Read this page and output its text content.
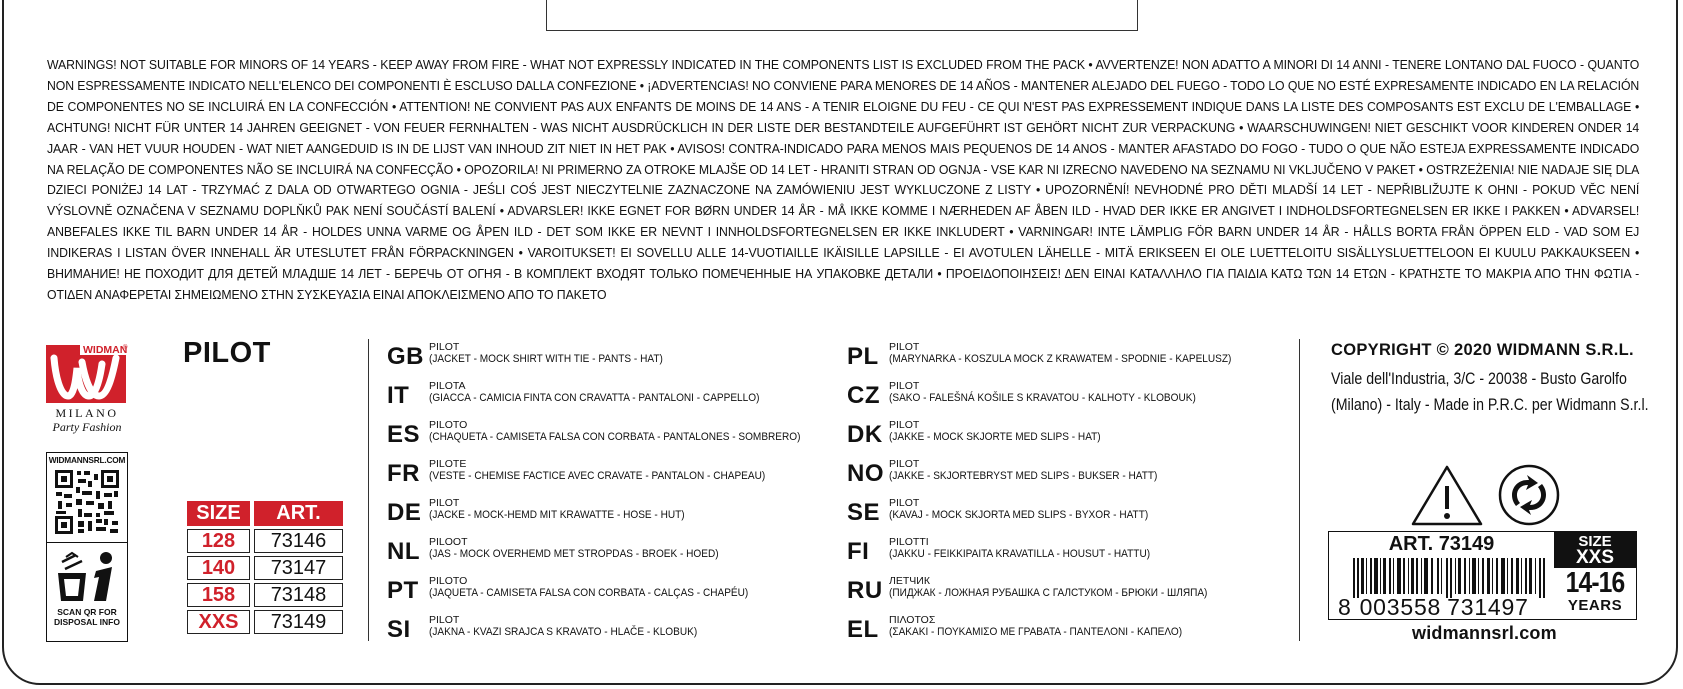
WARNINGS! NOT SUITABLE FOR MINORS OF 14 YEARS - KEEP AWAY FROM FIRE - WHAT NOT EXPRESSLY INDICATED IN THE COMPONENTS LIST IS EXCLUDED FROM THE PACK • AVVERTENZE! NON ADATTO A MINORI DI 14 ANNI - TENERE LONTANO DAL FUOCO - QUANTO NON ESPRESSAMENTE INDICATO NELL'ELENCO DEI COMPONENTI È ESCLUSO DALLA CONFEZIONE • ¡ADVERTENCIAS! NO CONVIENE PARA MENORES DE 14 AÑOS - MANTENER ALEJADO DEL FUEGO - TODO LO QUE NO ESTÉ EXPRESAMENTE INDICADO EN LA RELACIÓN DE COMPONENTES NO SE INCLUIRÁ EN LA CONFECCIÓN • ATTENTION! NE CONVIENT PAS AUX ENFANTS DE MOINS DE 14 ANS - A TENIR ELOIGNE DU FEU - CE QUI N'EST PAS EXPRESSEMENT INDIQUE DANS LA LISTE DES COMPOSANTS EST EXCLU DE L'EMBALLAGE • ACHTUNG! NICHT FÜR UNTER 14 JAHREN GEEIGNET - VON FEUER FERNHALTEN - WAS NICHT AUSDRÜCKLICH IN DER LISTE DER BESTANDTEILE AUFGEFÜHRT IST GEHÖRT NICHT ZUR VERPACKUNG • WAARSCHUWINGEN! NIET GESCHIKT VOOR KINDEREN ONDER 14 JAAR - VAN HET VUUR HOUDEN - WAT NIET AANGEDUID IS IN DE LIJST VAN INHOUD ZIT NIET IN HET PAK • AVISOS! CONTRA-INDICADO PARA MENOS MAIS PEQUENOS DE 14 ANOS - MANTER AFASTADO DO FOGO - TUDO O QUE NÃO ESTEJA EXPRESSAMENTE INDICADO NA RELAÇÃO DE COMPONENTES NÃO SE INCLUIRÁ NA CONFECÇÃO • OPOZORILA! NI PRIMERNO ZA OTROKE MLAJŠE OD 14 LET - HRANITI STRAN OD OGNJA - VSE KAR NI IZRECNO NAVEDENO NA SEZNAMU NI VKLJUČENO V PAKET • OSTRZEŻENIA! NIE NADAJE SIĘ DLA DZIECI PONIŻEJ 14 LAT - TRZYMAĆ Z DALA OD OTWARTEGO OGNIA - JEŚLI COŚ JEST NIECZYTELNIE ZAZNACZONE NA ZAMÓWIENIU JEST WYKLUCZONE Z LISTY • UPOZORNĚNÍ! NEVHODNÉ PRO DĚTI MLADŠÍ 14 LET - NEPŘIBLIŽUJTE K OHNI - POKUD VĚC NENÍ VÝSLOVNĚ OZNAČENA V SEZNAMU DOPLŇKŮ PAK NENÍ SOUČÁSTÍ BALENÍ • ADVARSLER! IKKE EGNET FOR BØRN UNDER 14 ÅR - MÅ IKKE KOMME I NÆRHEDEN AF ÅBEN ILD - HVAD DER IKKE ER ANGIVET I INDHOLDSFORTEGNELSEN ER IKKE I PAKKEN • ADVARSEL! ANBEFALES IKKE TIL BARN UNDER 14 ÅR - HOLDES UNNA VARME OG ÅPEN ILD - DET SOM IKKE ER NEVNT I INNHOLDSFORTEGNELSEN ER IKKE INKLUDERT • VARNINGAR! INTE LÄMPLIG FÖR BARN UNDER 14 ÅR - HÅLLS BORTA FRÅN ÖPPEN ELD - VAD SOM EJ INDIKERAS I LISTAN ÖVER INNEHALL ÄR UTESLUTET FRÅN FÖRPACKNINGEN • VAROITUKSET! EI SOVELLU ALLE 14-VUOTIAILLE IKÄISILLE LAPSILLE - EI AVOTULEN LÄHELLE - MITÄ ERIKSEEN EI OLE LUETTELOITU SISÄLLYSLUETTELOON EI KUULU PAKKAUKSEEN • ВНИМАНИЕ! НЕ ПОХОДИТ ДЛЯ ДЕТЕЙ МЛАДШЕ 14 ЛЕТ - БЕРЕЧЬ ОТ ОГНЯ - В КОМПЛЕКТ ВХОДЯТ ТОЛЬКО ПОМЕЧЕННЫЕ НА УПАКОВКЕ ДЕТАЛИ • ΠΡΟΕΙΔΟΠΟΙΗΣΕΙΣ! ΔΕΝ ΕΙΝΑΙ ΚΑΤΑΛΛΗΛΟ ΓΙΑ ΠΑΙΔΙΑ ΚΑΤΩ ΤΩΝ 14 ΕΤΩΝ - ΚΡΑΤΗΣΤΕ ΤΟ ΜΑΚΡΙΑ ΑΠΟ ΤΗΝ ΦΩΤΙΑ - ΟΤΙΔΕΝ ΑΝΑΦΕΡΕΤΑΙ ΣΗΜΕΙΩΜΕΝΟ ΣΤΗΝ ΣΥΣΚΕΥΑΣΙΑ ΕΙΝΑΙ ΑΠΟΚΛΕΙΣΜΕΝΟ ΑΠΟ ΤΟ ΠΑΚΕΤΟ
WIDMAN
®
MILANO
Party Fashion
WIDMANNSRL.COM
SCAN QR FOR
DISPOSAL INFO
PILOT
SIZE	ART.
128	73146
140	73147
158	73148
XXS	73149
GB PILOT
(JACKET - MOCK SHIRT WITH TIE - PANTS - HAT)
IT PILOTA
(GIACCA - CAMICIA FINTA CON CRAVATTA - PANTALONI - CAPPELLO)
ES PILOTO
(CHAQUETA - CAMISETA FALSA CON CORBATA - PANTALONES - SOMBRERO)
FR PILOTE
(VESTE - CHEMISE FACTICE AVEC CRAVATE - PANTALON - CHAPEAU)
DE PILOT
(JACKE - MOCK-HEMD MIT KRAWATTE - HOSE - HUT)
NL PILOOT
(JAS - MOCK OVERHEMD MET STROPDAS - BROEK - HOED)
PT PILOTO
(JAQUETA - CAMISETA FALSA CON CORBATA - CALÇAS - CHAPÉU)
SI PILOT
(JAKNA - KVAZI SRAJCA S KRAVATO - HLAČE - KLOBUK)
PL PILOT
(MARYNARKA - KOSZULA MOCK Z KRAWATEM - SPODNIE - KAPELUSZ)
CZ PILOT
(SAKO - FALEŠNÁ KOŠILE S KRAVATOU - KALHOTY - KLOBOUK)
DK PILOT
(JAKKE - MOCK SKJORTE MED SLIPS - HAT)
NO PILOT
(JAKKE - SKJORTEBRYST MED SLIPS - BUKSER - HATT)
SE PILOT
(KAVAJ - MOCK SKJORTA MED SLIPS - BYXOR - HATT)
FI PILOTTI
(JAKKU - FEIKKIPAITA KRAVATILLA - HOUSUT - HATTU)
RU ЛЕТЧИК
(ПИДЖАК - ЛОЖНАЯ РУБАШКА С ГАЛСТУКОМ - БРЮКИ - ШЛЯПА)
EL ΠΙΛΟΤΟΣ
(ΣΑΚΑΚΙ - ΠΟΥΚΑΜΙΣΟ ΜΕ ΓΡΑΒΑΤΑ - ΠΑΝΤΕΛΟΝΙ - ΚΑΠΕΛΟ)
COPYRIGHT © 2020 WIDMANN S.R.L.
Viale dell'Industria, 3/C - 20038 - Busto Garolfo
(Milano) - Italy - Made in P.R.C. per Widmann S.r.l.
ART. 73149
8 003558 731497
SIZE
XXS
14-16
YEARS
widmannsrl.com
